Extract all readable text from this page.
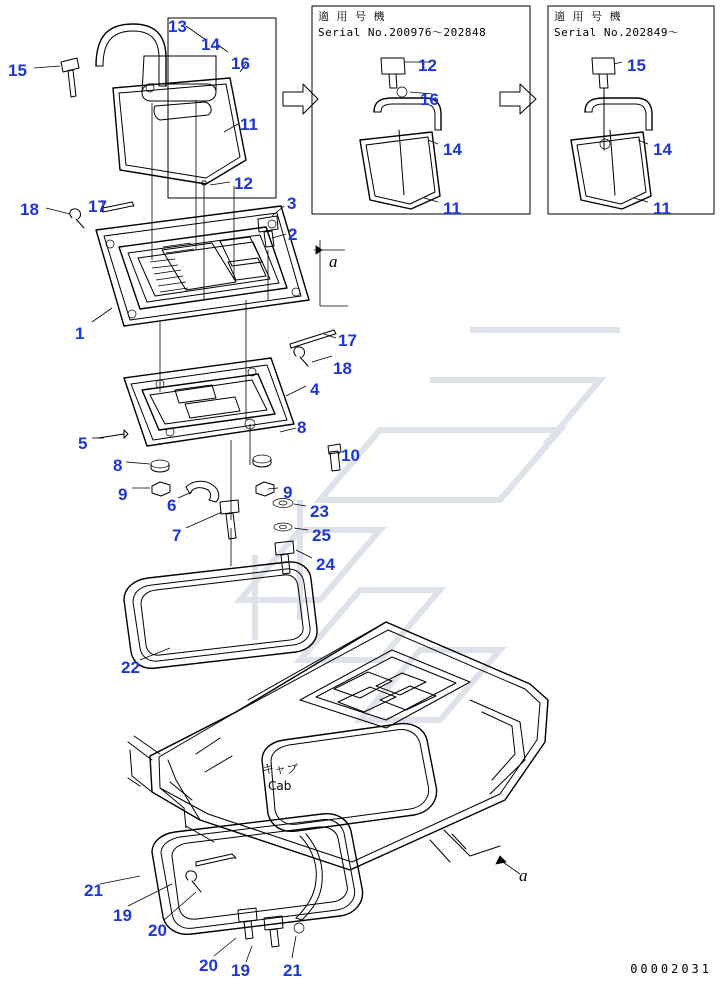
適 用 号 機
Serial No.200976〜202848
適 用 号 機
Serial No.202849〜
キャブ
Cab
a
a
00002031
13
14
16
15
11
12
17	3
18
2
1	17
18
4
8
10
5
8
9
6
9
23
7	25
24
22
21
19
20
20 19 21
12
16
14
11
15
14
11
